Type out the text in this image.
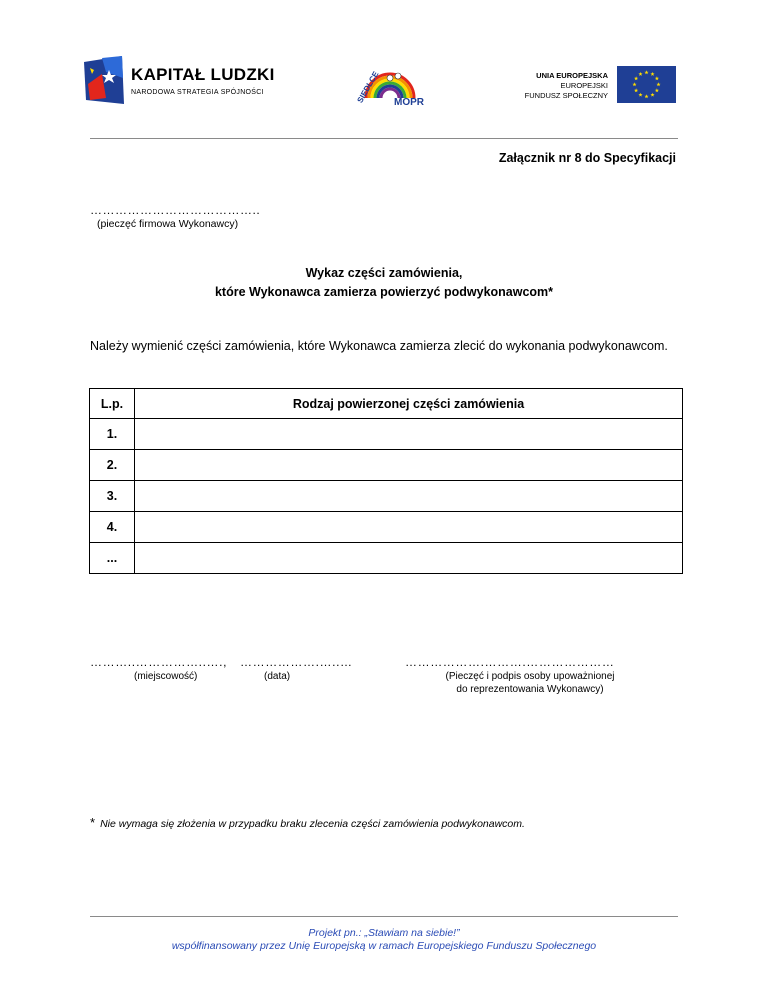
KAPITAŁ LUDZKI
NARODOWA STRATEGIA SPÓJNOŚCI	SIEDLCE MOPR
UNIA EUROPEJSKA
EUROPEJSKI
FUNDUSZ SPOŁECZNY
Załącznik nr 8 do Specyfikacji
…………………………………..
(pieczęć firmowa Wykonawcy)
Wykaz części zamówienia,
które Wykonawca zamierza powierzyć podwykonawcom*
Należy wymienić części zamówienia, które Wykonawca zamierza zlecić do wykonania podwykonawcom.
L.p.	Rodzaj powierzonej części zamówienia
1.	
2.	
3.	
4.	
...	
………..……………..…., ……………….…..…	……………….……….…………………
(miejscowość)	(data)	(Pieczęć i podpis osoby upoważnionej
do reprezentowania Wykonawcy)
* Nie wymaga się złożenia w przypadku braku zlecenia części zamówienia podwykonawcom.
Projekt pn.: „Stawiam na siebie!”
współfinansowany przez Unię Europejską w ramach Europejskiego Funduszu Społecznego
